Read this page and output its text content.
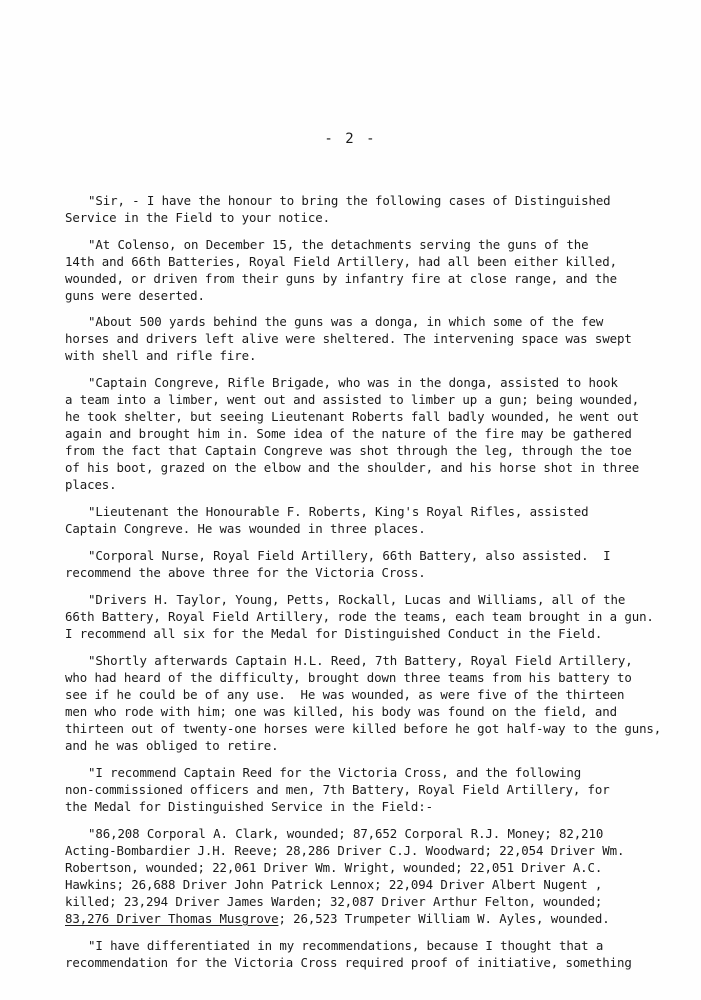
- 2 -

"Sir, - I have the honour to bring the following cases of Distinguished

Service in the Field to your notice.

"At Colenso, on December 15, the detachments serving the guns of the

14th and 66th Batteries, Royal Field Artillery, had all been either killed,

wounded, or driven from their guns by infantry fire at close range, and the

guns were deserted.

"About 500 yards behind the guns was a donga, in which some of the few

horses and drivers left alive were sheltered. The intervening space was swept

with shell and rifle fire.

"Captain Congreve, Rifle Brigade, who was in the donga, assisted to hook

a team into a limber, went out and assisted to limber up a gun; being wounded,

he took shelter, but seeing Lieutenant Roberts fall badly wounded, he went out

again and brought him in. Some idea of the nature of the fire may be gathered

from the fact that Captain Congreve was shot through the leg, through the toe

of his boot, grazed on the elbow and the shoulder, and his horse shot in three

places.

"Lieutenant the Honourable F. Roberts, King's Royal Rifles, assisted

Captain Congreve. He was wounded in three places.

"Corporal Nurse, Royal Field Artillery, 66th Battery, also assisted.  I

recommend the above three for the Victoria Cross.

"Drivers H. Taylor, Young, Petts, Rockall, Lucas and Williams, all of the

66th Battery, Royal Field Artillery, rode the teams, each team brought in a gun.

I recommend all six for the Medal for Distinguished Conduct in the Field.

"Shortly afterwards Captain H.L. Reed, 7th Battery, Royal Field Artillery,

who had heard of the difficulty, brought down three teams from his battery to

see if he could be of any use.  He was wounded, as were five of the thirteen

men who rode with him; one was killed, his body was found on the field, and

thirteen out of twenty-one horses were killed before he got half-way to the guns,

and he was obliged to retire.

"I recommend Captain Reed for the Victoria Cross, and the following

non-commissioned officers and men, 7th Battery, Royal Field Artillery, for

the Medal for Distinguished Service in the Field:-

"86,208 Corporal A. Clark, wounded; 87,652 Corporal R.J. Money; 82,210

Acting-Bombardier J.H. Reeve; 28,286 Driver C.J. Woodward; 22,054 Driver Wm.

Robertson, wounded; 22,061 Driver Wm. Wright, wounded; 22,051 Driver A.C.

Hawkins; 26,688 Driver John Patrick Lennox; 22,094 Driver Albert Nugent ,

killed; 23,294 Driver James Warden; 32,087 Driver Arthur Felton, wounded;

83,276 Driver Thomas Musgrove; 26,523 Trumpeter William W. Ayles, wounded.

"I have differentiated in my recommendations, because I thought that a

recommendation for the Victoria Cross required proof of initiative, something
